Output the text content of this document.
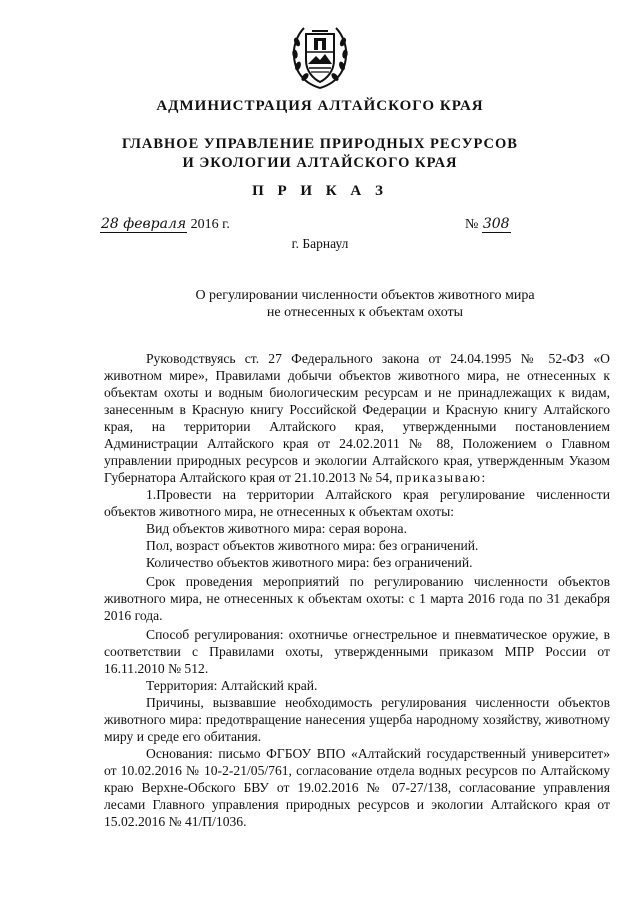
АДМИНИСТРАЦИЯ АЛТАЙСКОГО КРАЯ
ГЛАВНОЕ УПРАВЛЕНИЕ ПРИРОДНЫХ РЕСУРСОВ
И ЭКОЛОГИИ АЛТАЙСКОГО КРАЯ
П Р И К А З
28 февраля 2016 г.	№ 308
г. Барнаул
О регулировании численности объектов животного мира
не отнесенных к объектам охоты

Руководствуясь ст. 27 Федерального закона от 24.04.1995 № 52-ФЗ «О животном мире», Правилами добычи объектов животного мира, не отнесенных к объектам охоты и водным биологическим ресурсам и не принадлежащих к видам, занесенным в Красную книгу Российской Федерации и Красную книгу Алтайского края, на территории Алтайского края, утвержденными постановлением Администрации Алтайского края от 24.02.2011 № 88, Положением о Главном управлении природных ресурсов и экологии Алтайского края, утвержденным Указом Губернатора Алтайского края от 21.10.2013 № 54, приказываю:

1.Провести на территории Алтайского края регулирование численности объектов животного мира, не отнесенных к объектам охоты:

Вид объектов животного мира: серая ворона.

Пол, возраст объектов животного мира: без ограничений.

Количество объектов животного мира: без ограничений.

Срок проведения мероприятий по регулированию численности объектов животного мира, не отнесенных к объектам охоты: с 1 марта 2016 года по 31 декабря 2016 года.

Способ регулирования: охотничье огнестрельное и пневматическое оружие, в соответствии с Правилами охоты, утвержденными приказом МПР России от 16.11.2010 № 512.

Территория: Алтайский край.

Причины, вызвавшие необходимость регулирования численности объектов животного мира: предотвращение нанесения ущерба народному хозяйству, животному миру и среде его обитания.

Основания: письмо ФГБОУ ВПО «Алтайский государственный университет» от 10.02.2016 № 10-2-21/05/761, согласование отдела водных ресурсов по Алтайскому краю Верхне-Обского БВУ от 19.02.2016 № 07-27/138, согласование управления лесами Главного управления природных ресурсов и экологии Алтайского края от 15.02.2016 № 41/П/1036.
